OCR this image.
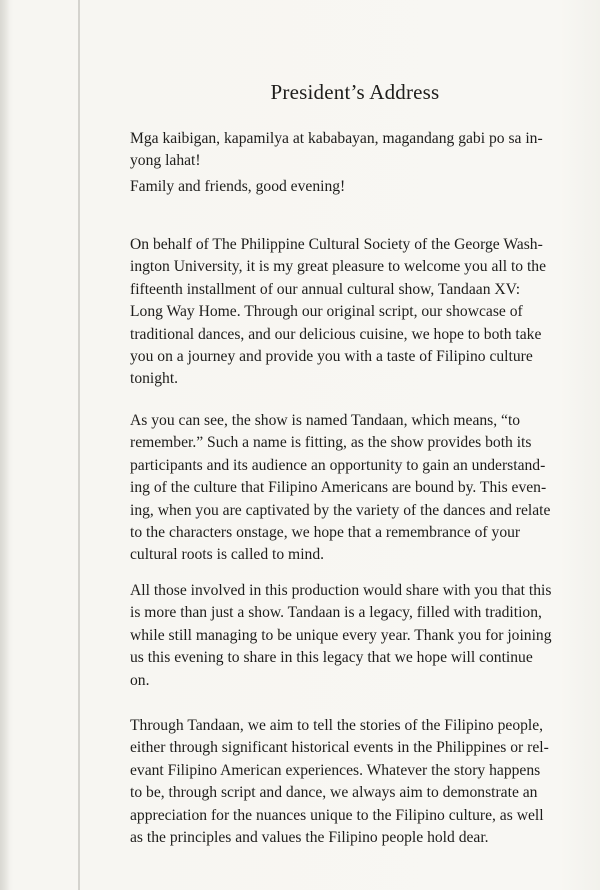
President’s Address

Mga kaibigan, kapamilya at kababayan, magandang gabi po sa in-
yong lahat!

Family and friends, good evening!

On behalf of The Philippine Cultural Society of the George Wash-
ington University, it is my great pleasure to welcome you all to the
fifteenth installment of our annual cultural show, Tandaan XV:
Long Way Home. Through our original script, our showcase of
traditional dances, and our delicious cuisine, we hope to both take
you on a journey and provide you with a taste of Filipino culture
tonight.

As you can see, the show is named Tandaan, which means, “to
remember.” Such a name is fitting, as the show provides both its
participants and its audience an opportunity to gain an understand-
ing of the culture that Filipino Americans are bound by. This even-
ing, when you are captivated by the variety of the dances and relate
to the characters onstage, we hope that a remembrance of your
cultural roots is called to mind.

All those involved in this production would share with you that this
is more than just a show. Tandaan is a legacy, filled with tradition,
while still managing to be unique every year. Thank you for joining
us this evening to share in this legacy that we hope will continue
on.

Through Tandaan, we aim to tell the stories of the Filipino people,
either through significant historical events in the Philippines or rel-
evant Filipino American experiences. Whatever the story happens
to be, through script and dance, we always aim to demonstrate an
appreciation for the nuances unique to the Filipino culture, as well
as the principles and values the Filipino people hold dear.
